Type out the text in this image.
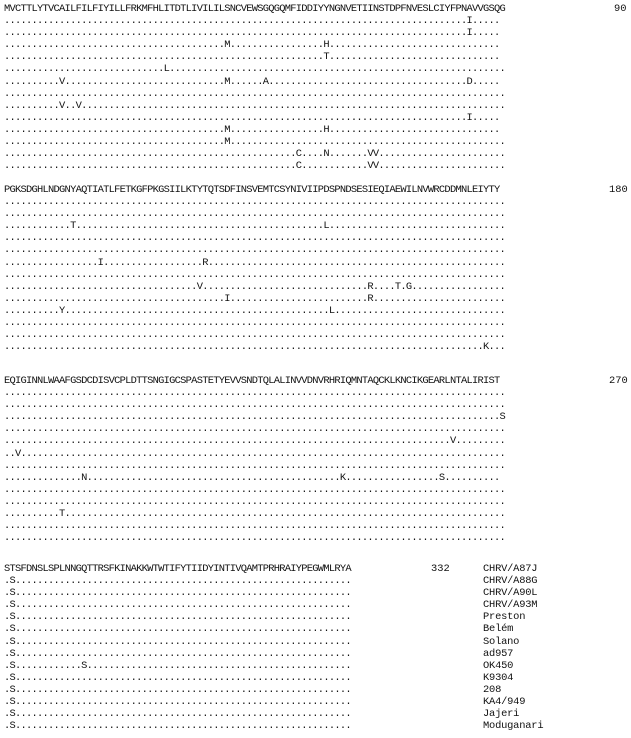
MVCTTLYTVCAILFILFIYILLFRKMFHLITDTLIVILILSNCVEWSGQGQMFIDDIYYNGNVETIINSTDPFNVESLCIYFPNAVVGSQG	90
....................................................................................I.....
....................................................................................I.....
........................................M.................H...............................
..........................................................T...............................
.............................L.............................................................
..........V.............................M......A....................................D.....
...........................................................................................
..........V..V.............................................................................
....................................................................................I.....
........................................M.................H...............................
........................................M..................................................
.....................................................C....N.......VV.......................
.....................................................C............VV.......................
PGKSDGHLNDGNYAQTIATLFETKGFPKGSIILKTYTQTSDFINSVEMTCSYNIVIIPDSPNDSESIEQIAEWILNVWRCDDMNLEIYTY	180
...........................................................................................
...........................................................................................
............T.............................................L................................
...........................................................................................
...........................................................................................
.................I..................R......................................................
...........................................................................................
...................................V..............................R....T.G.................
........................................I.........................R........................
..........Y................................................L...............................
...........................................................................................
...........................................................................................
.......................................................................................K...
EQIGINNLWAAFGSDCDISVCPLDTTSNGIGCSPASTETYEVVSNDTQLALINVVDNVRHRIQMNTAQCKLKNCIKGEARLNTALIRIST	270
...........................................................................................
...........................................................................................
..........................................................................................S
...........................................................................................
.................................................................................V.........
..V........................................................................................
...........................................................................................
..............N..............................................K.................S..........
...........................................................................................
...........................................................................................
..........T................................................................................
...........................................................................................
...........................................................................................
STSFDNSLSPLNNGQTTRSFKINAKKWTWTIFYTIIDYINTIVQAMTPRHRAIYPEGWMLRYA	332	CHRV/A87J
.S.............................................................	CHRV/A88G
.S.............................................................	CHRV/A90L
.S.............................................................	CHRV/A93M
.S.............................................................	Preston
.S.............................................................	Belém
.S.............................................................	Solano
.S.............................................................	ad957
.S............S................................................	OK450
.S.............................................................	K9304
.S.............................................................	208
.S.............................................................	KA4/949
.S.............................................................	Jajeri
.S.............................................................	Moduganari
